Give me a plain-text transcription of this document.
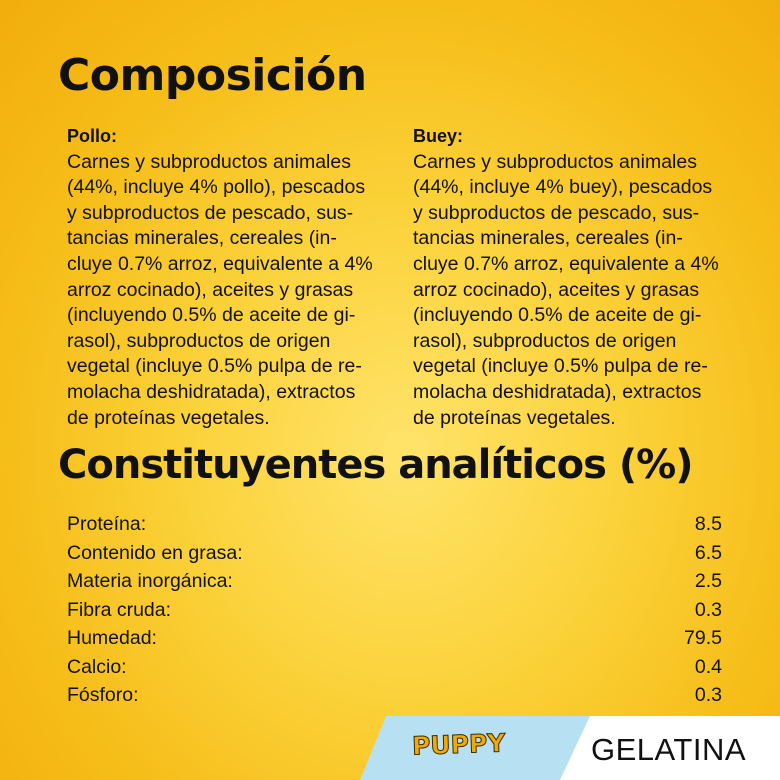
Composición
Pollo:

Carnes y subproductos animales

(44%, incluye 4% pollo), pescados

y subproductos de pescado, sus-

tancias minerales, cereales (in-

cluye 0.7% arroz, equivalente a 4%

arroz cocinado), aceites y grasas

(incluyendo 0.5% de aceite de gi-

rasol), subproductos de origen

vegetal (incluye 0.5% pulpa de re-

molacha deshidratada), extractos

de proteínas vegetales.

Buey:

Carnes y subproductos animales

(44%, incluye 4% buey), pescados

y subproductos de pescado, sus-

tancias minerales, cereales (in-

cluye 0.7% arroz, equivalente a 4%

arroz cocinado), aceites y grasas

(incluyendo 0.5% de aceite de gi-

rasol), subproductos de origen

vegetal (incluye 0.5% pulpa de re-

molacha deshidratada), extractos

de proteínas vegetales.

Constituyentes analíticos (%)
Proteína:	8.5
Contenido en grasa:	6.5
Materia inorgánica:	2.5
Fibra cruda:	0.3
Humedad:	79.5
Calcio:	0.4
Fósforo:	0.3
PUPPY	GELATINA
